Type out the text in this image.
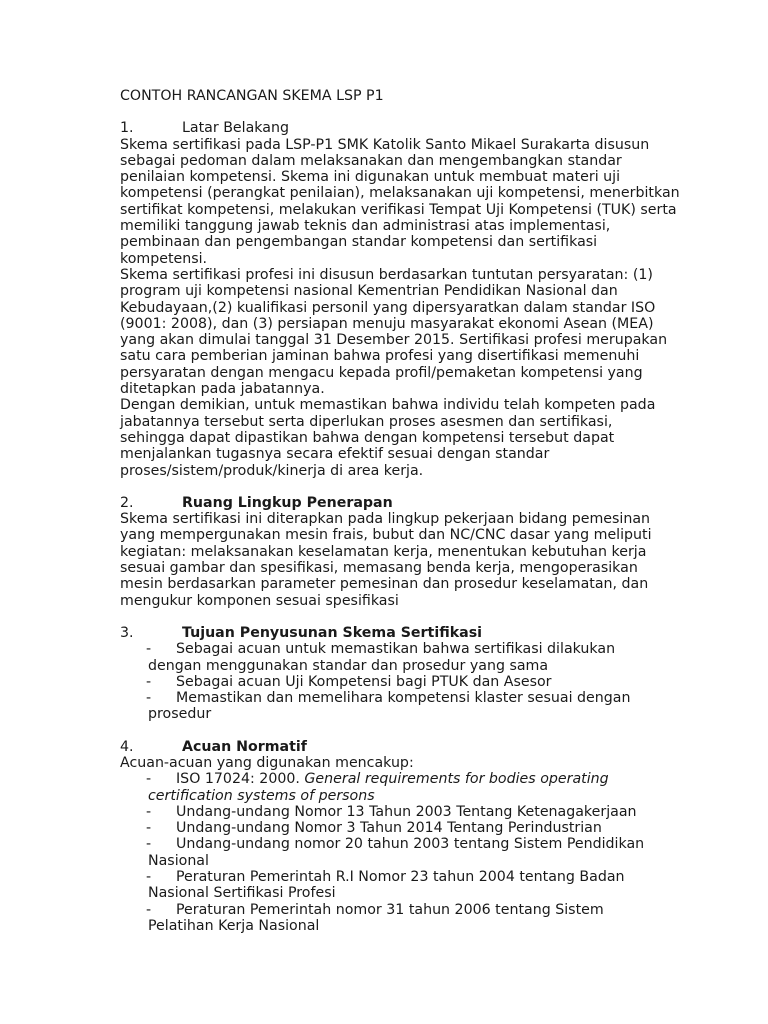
CONTOH RANCANGAN SKEMA LSP P1
1.	Latar Belakang

Skema sertifikasi pada LSP-P1 SMK Katolik Santo Mikael Surakarta disusun sebagai pedoman dalam melaksanakan dan mengembangkan standar penilaian kompetensi. Skema ini digunakan untuk membuat materi uji kompetensi (perangkat penilaian), melaksanakan uji kompetensi, menerbitkan sertifikat kompetensi, melakukan verifikasi Tempat Uji Kompetensi (TUK) serta memiliki tanggung jawab teknis dan administrasi atas implementasi, pembinaan dan pengembangan standar kompetensi dan sertifikasi kompetensi.

Skema sertifikasi profesi ini disusun berdasarkan tuntutan persyaratan: (1) program uji kompetensi nasional Kementrian Pendidikan Nasional dan Kebudayaan,(2) kualifikasi personil yang dipersyaratkan dalam standar ISO (9001: 2008), dan (3) persiapan menuju masyarakat ekonomi Asean (MEA) yang akan dimulai tanggal 31 Desember 2015. Sertifikasi profesi merupakan satu cara pemberian jaminan bahwa profesi yang disertifikasi memenuhi persyaratan dengan mengacu kepada profil/pemaketan kompetensi yang ditetapkan pada jabatannya.

Dengan demikian, untuk memastikan bahwa individu telah kompeten pada jabatannya tersebut serta diperlukan proses asesmen dan sertifikasi, sehingga dapat dipastikan bahwa dengan kompetensi tersebut dapat menjalankan tugasnya secara efektif sesuai dengan standar proses/sistem/produk/kinerja di area kerja.

2.	Ruang Lingkup Penerapan

Skema sertifikasi ini diterapkan pada lingkup pekerjaan bidang pemesinan yang mempergunakan mesin frais, bubut dan NC/CNC dasar yang meliputi kegiatan: melaksanakan keselamatan kerja, menentukan kebutuhan kerja sesuai gambar dan spesifikasi, memasang benda kerja, mengoperasikan mesin berdasarkan parameter pemesinan dan prosedur keselamatan, dan mengukur komponen sesuai spesifikasi

3.	Tujuan Penyusunan Skema Sertifikasi
-	Sebagai acuan untuk memastikan bahwa sertifikasi dilakukan
dengan menggunakan standar dan prosedur yang sama
-	Sebagai acuan Uji Kompetensi bagi PTUK dan Asesor
-	Memastikan dan memelihara kompetensi klaster sesuai dengan
prosedur
4.	Acuan Normatif

Acuan-acuan yang digunakan mencakup:

-	ISO 17024: 2000. General requirements for bodies operating
certification systems of persons
-	Undang-undang Nomor 13 Tahun 2003 Tentang Ketenagakerjaan
-	Undang-undang Nomor 3 Tahun 2014 Tentang Perindustrian
-	Undang-undang nomor 20 tahun 2003 tentang Sistem Pendidikan
Nasional
-	Peraturan Pemerintah R.I Nomor 23 tahun 2004 tentang Badan
Nasional Sertifikasi Profesi
-	Peraturan Pemerintah nomor 31 tahun 2006 tentang Sistem
Pelatihan Kerja Nasional
